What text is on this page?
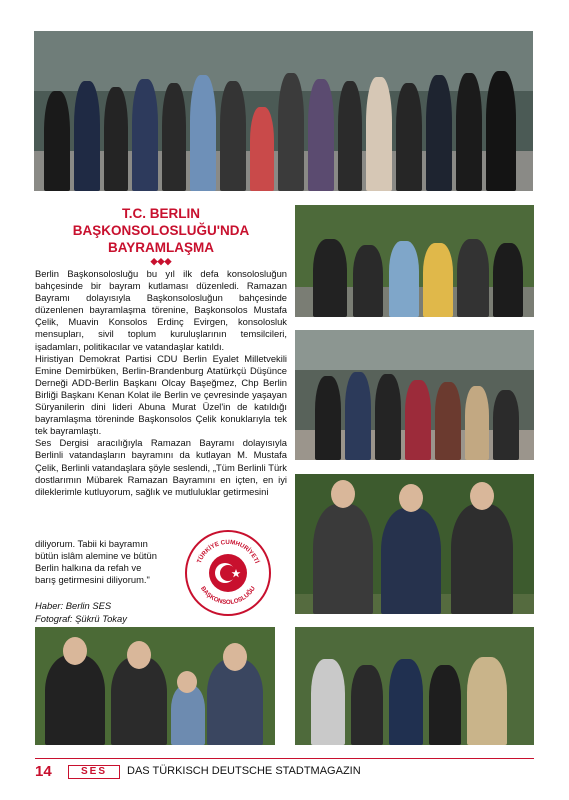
T.C. BERLIN
BAŞKONSOLOSLUĞU'NDA
BAYRAMLAŞMA
◆◆◆

Berlin Başkonsolosluğu bu yıl ilk defa konsolosluğun bahçesinde bir bayram kutlaması düzenledi. Ramazan Bayramı dolayısıyla Başkonsolosluğun bahçesinde düzenlenen bayramlaşma törenine, Başkonsolos Mustafa Çelik, Muavin Konsolos Erdinç Evirgen, konsolosluk mensupları, sivil toplum kuruluşlarının temsilcileri, işadamları, politikacılar ve vatandaşlar katıldı.

Hiristiyan Demokrat Partisi CDU Berlin Eyalet Milletvekili Emine Demirbüken, Berlin-Brandenburg Atatürkçü Düşünce Derneği ADD-Berlin Başkanı Olcay Başeğmez, Chp Berlin Birliği Başkanı Kenan Kolat ile Berlin ve çevresinde yaşayan Süryanilerin dini lideri Abuna Murat Üzel'in de katıldığı bayramlaşma töreninde Başkonsolos Çelik konuklarıyla tek tek bayramlaştı.

Ses Dergisi aracılığıyla Ramazan Bayramı dolayısıyla Berlinli vatandaşların bayramını da kutlayan M. Mustafa Çelik, Berlinli vatandaşlara şöyle seslendi, „Tüm Berlinli Türk dostlarımın Mübarek Ramazan Bayramını en içten, en iyi dileklerimle kutluyorum, sağlık ve mutluluklar getirmesini

diliyorum. Tabii ki bayramın
bütün islâm alemine ve bütün
Berlin halkına da refah ve
barış getirmesini diliyorum."
Haber: Berlin SES
Fotograf: Şükrü Tokay
TÜRKİYE CUMHURİYETİ
BAŞKONSOLOSLUĞU
14	SES	DAS TÜRKISCH DEUTSCHE STADTMAGAZIN
